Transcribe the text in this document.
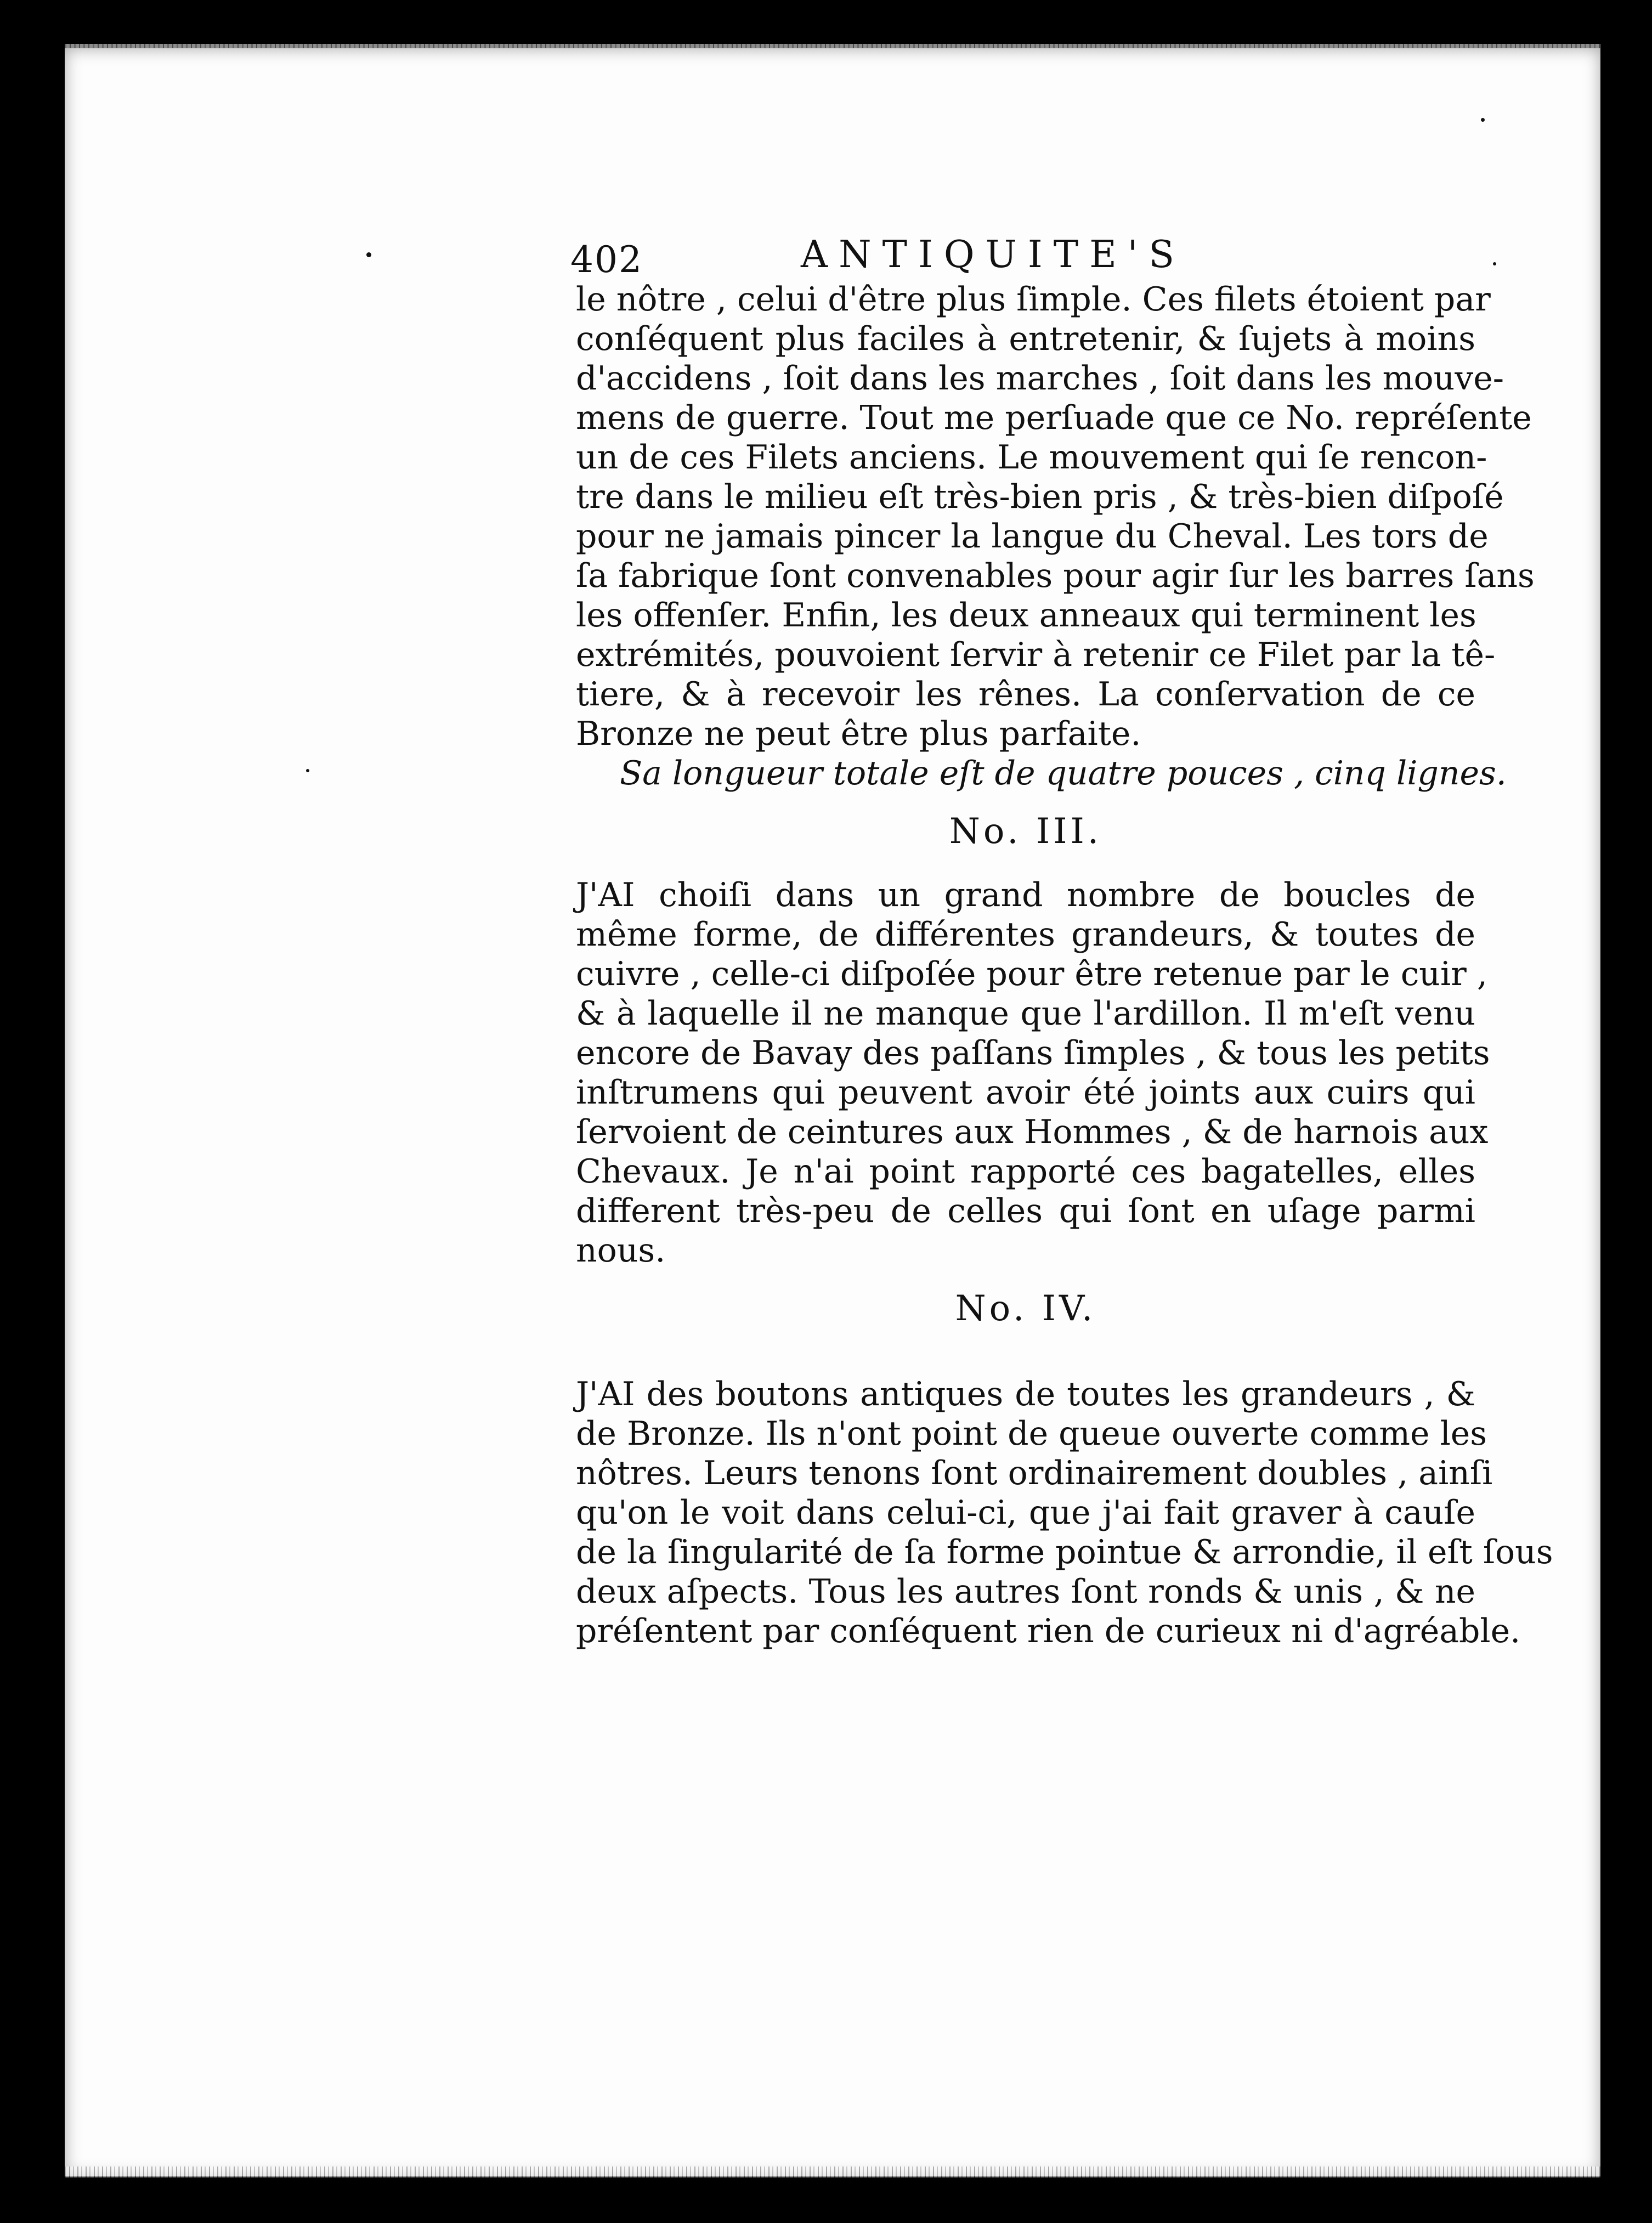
402	ANTIQUITE'S
le nôtre , celui d'être plus ſimple. Ces filets étoient par
conſéquent plus faciles à entretenir, & ſujets à moins
d'accidens , ſoit dans les marches , ſoit dans les mouve-
mens de guerre. Tout me perſuade que ce No. repréſente
un de ces Filets anciens. Le mouvement qui ſe rencon-
tre dans le milieu eſt très-bien pris , & très-bien diſpoſé
pour ne jamais pincer la langue du Cheval. Les tors de
ſa fabrique ſont convenables pour agir ſur les barres ſans
les offenſer. Enfin, les deux anneaux qui terminent les
extrémités, pouvoient ſervir à retenir ce Filet par la tê-
tiere, & à recevoir les rênes. La conſervation de ce
Bronze ne peut être plus parfaite.
Sa longueur totale eſt de quatre pouces , cinq lignes.
No. III.
J'AI choiſi dans un grand nombre de boucles de
même forme, de différentes grandeurs, & toutes de
cuivre , celle-ci diſpoſée pour être retenue par le cuir ,
& à laquelle il ne manque que l'ardillon. Il m'eſt venu
encore de Bavay des paſſans ſimples , & tous les petits
inſtrumens qui peuvent avoir été joints aux cuirs qui
ſervoient de ceintures aux Hommes , & de harnois aux
Chevaux. Je n'ai point rapporté ces bagatelles, elles
different très-peu de celles qui ſont en uſage parmi
nous.
No. IV.
J'AI des boutons antiques de toutes les grandeurs , &
de Bronze. Ils n'ont point de queue ouverte comme les
nôtres. Leurs tenons ſont ordinairement doubles , ainſi
qu'on le voit dans celui-ci, que j'ai fait graver à cauſe
de la ſingularité de ſa forme pointue & arrondie, il eſt ſous
deux aſpects. Tous les autres ſont ronds & unis , & ne
préſentent par conſéquent rien de curieux ni d'agréable.
